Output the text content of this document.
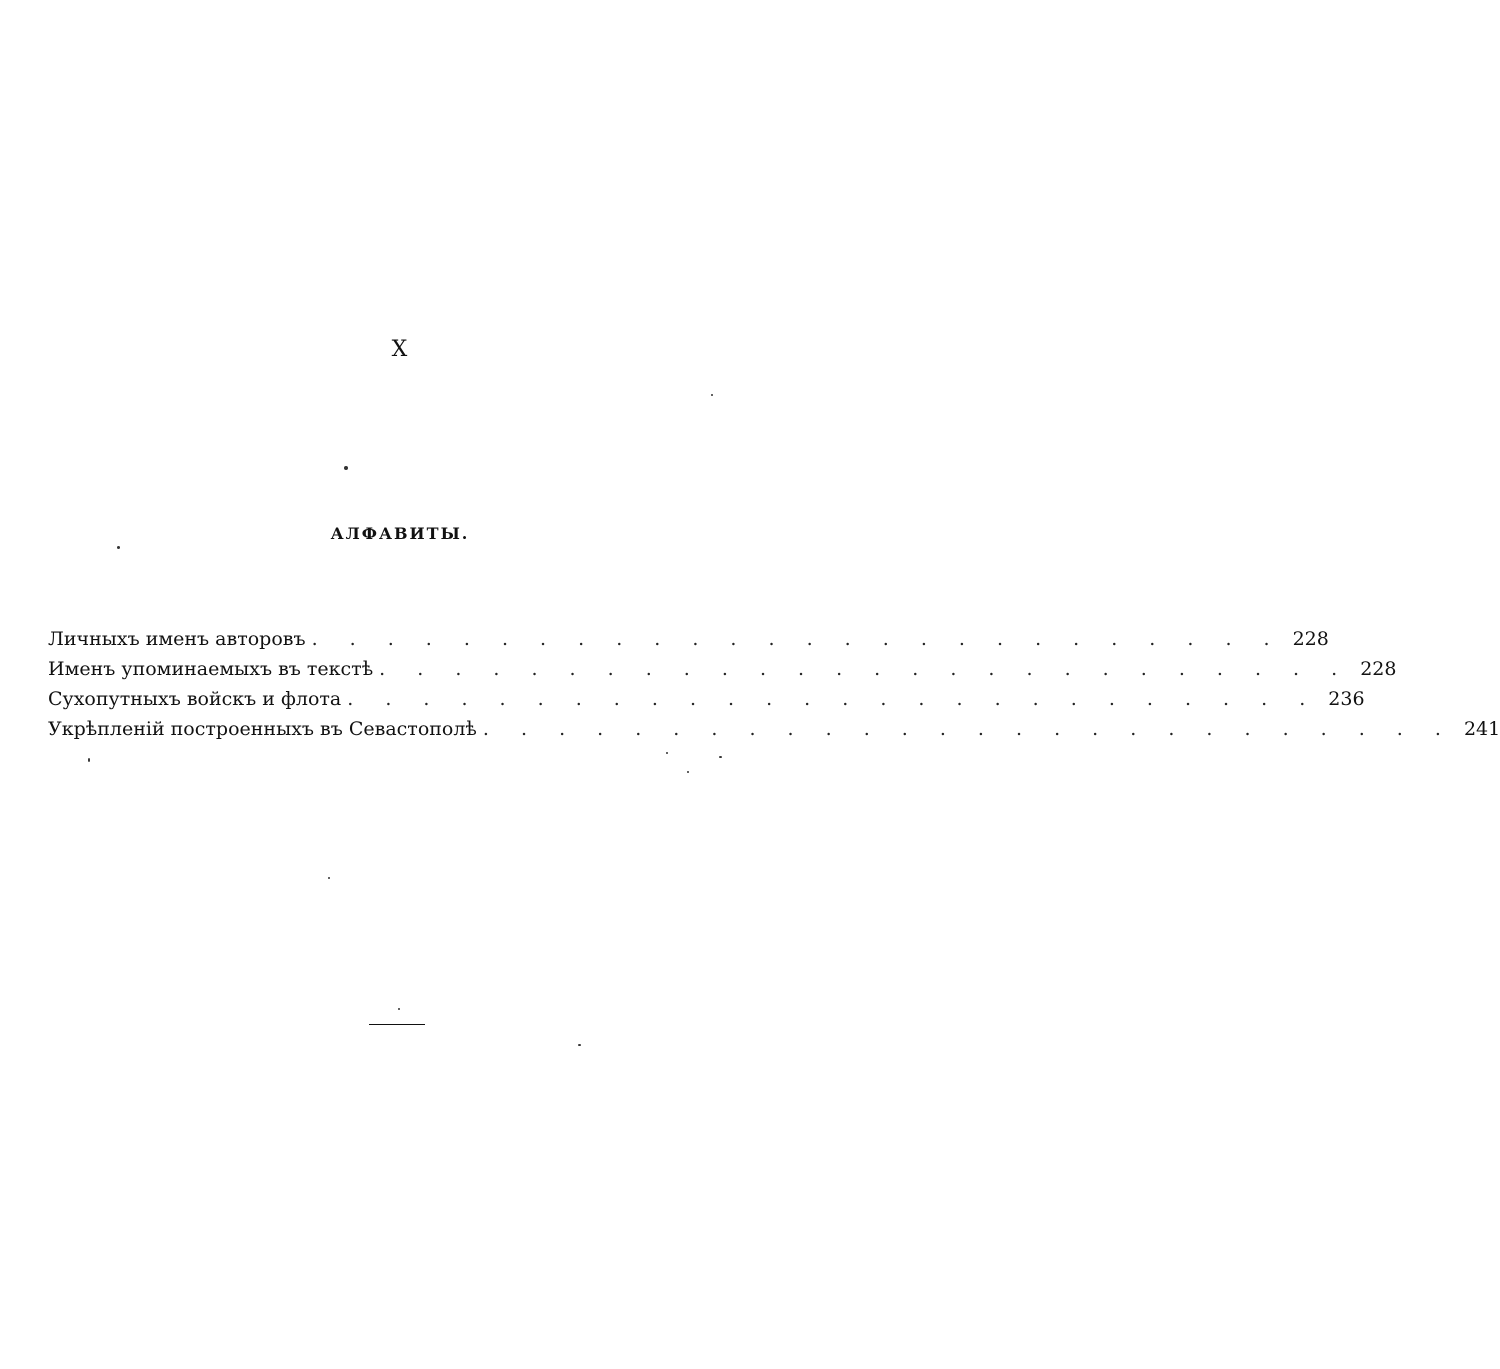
X
АЛФАВИТЫ.
Личныхъ именъ авторовъ . . . . . . . . . . . . . . . . . . . . . . . . . . 228
Именъ упоминаемыхъ въ текстѣ . . . . . . . . . . . . . . . . . . . . . . . . . . 228
Сухопутныхъ войскъ и флота . . . . . . . . . . . . . . . . . . . . . . . . . . 236
Укрѣпленій построенныхъ въ Севастополѣ . . . . . . . . . . . . . . . . . . . . . . . . . . 241
